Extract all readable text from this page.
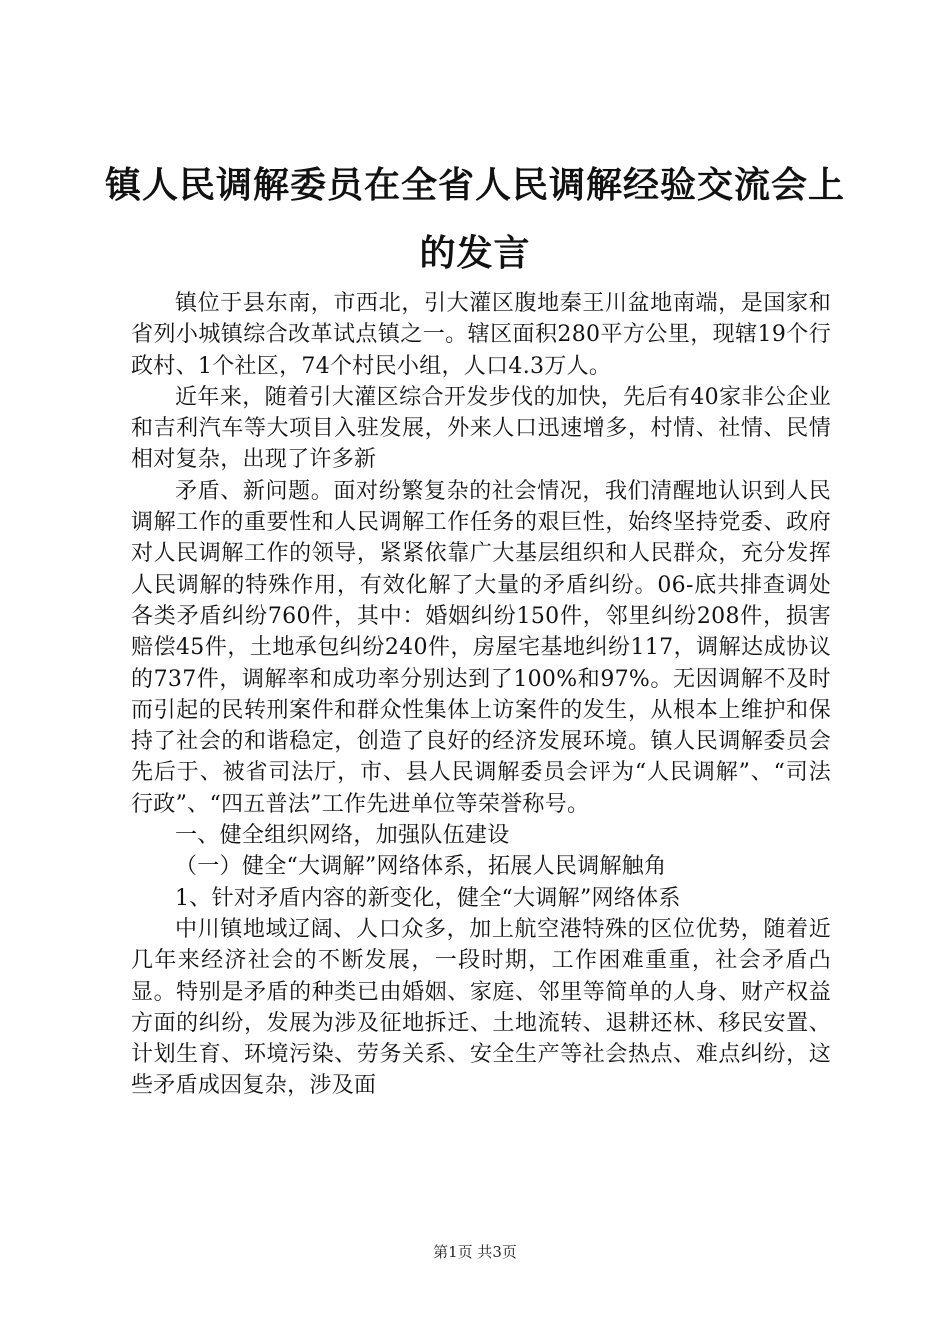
镇人民调解委员在全省人民调解经验交流会上的发言

镇位于县东南，市西北，引大灌区腹地秦王川盆地南端，是国家和省列小城镇综合改革试点镇之一。辖区面积280平方公里，现辖19个行政村、1个社区，74个村民小组，人口4.3万人。

近年来，随着引大灌区综合开发步伐的加快，先后有40家非公企业和吉利汽车等大项目入驻发展，外来人口迅速增多，村情、社情、民情相对复杂，出现了许多新

矛盾、新问题。面对纷繁复杂的社会情况，我们清醒地认识到人民调解工作的重要性和人民调解工作任务的艰巨性，始终坚持党委、政府对人民调解工作的领导，紧紧依靠广大基层组织和人民群众，充分发挥人民调解的特殊作用，有效化解了大量的矛盾纠纷。06-底共排查调处各类矛盾纠纷760件，其中：婚姻纠纷150件，邻里纠纷208件，损害赔偿45件，土地承包纠纷240件，房屋宅基地纠纷117，调解达成协议的737件，调解率和成功率分别达到了100%和97%。无因调解不及时而引起的民转刑案件和群众性集体上访案件的发生，从根本上维护和保持了社会的和谐稳定，创造了良好的经济发展环境。镇人民调解委员会先后于、被省司法厅，市、县人民调解委员会评为“人民调解”、“司法行政”、“四五普法”工作先进单位等荣誉称号。

一、健全组织网络，加强队伍建设

（一）健全“大调解”网络体系，拓展人民调解触角

1、针对矛盾内容的新变化，健全“大调解”网络体系

中川镇地域辽阔、人口众多，加上航空港特殊的区位优势，随着近几年来经济社会的不断发展，一段时期，工作困难重重，社会矛盾凸显。特别是矛盾的种类已由婚姻、家庭、邻里等简单的人身、财产权益方面的纠纷，发展为涉及征地拆迁、土地流转、退耕还林、移民安置、计划生育、环境污染、劳务关系、安全生产等社会热点、难点纠纷，这些矛盾成因复杂，涉及面

第1页 共3页
